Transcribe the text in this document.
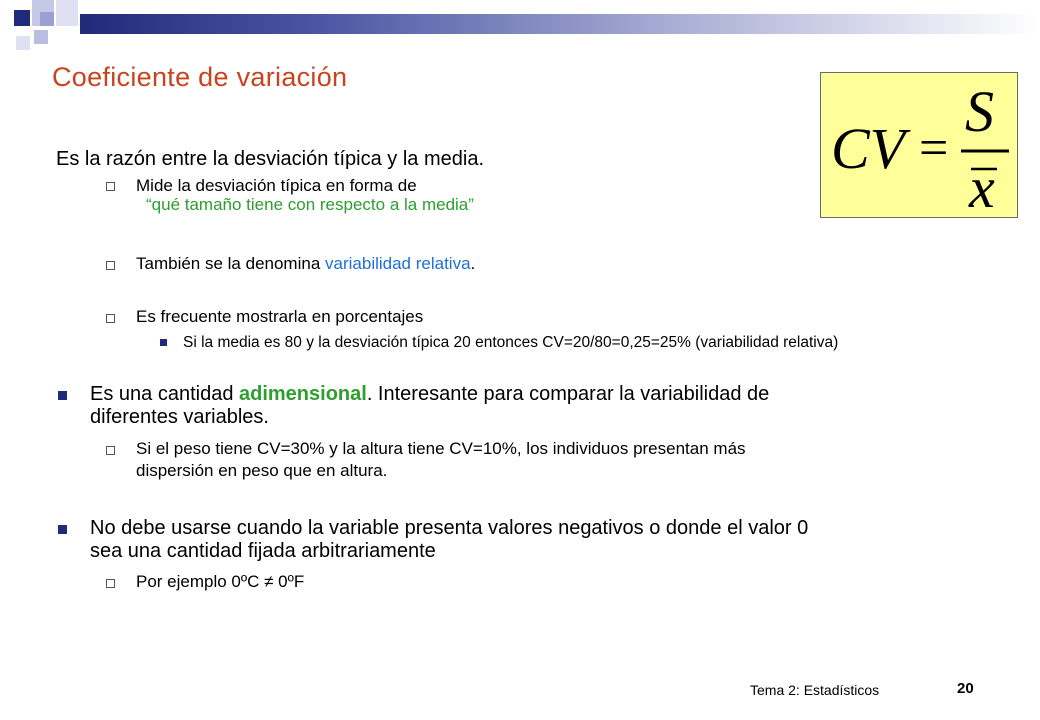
Coeficiente de variación
CV =
S
x
Es la razón entre la desviación típica y la media.
Mide la desviación típica en forma de
“qué tamaño tiene con respecto a la media”
También se la denomina variabilidad relativa.
Es frecuente mostrarla en porcentajes
Si la media es 80 y la desviación típica 20 entonces CV=20/80=0,25=25% (variabilidad relativa)
Es una cantidad adimensional. Interesante para comparar la variabilidad de
diferentes variables.
Si el peso tiene CV=30% y la altura tiene CV=10%, los individuos presentan más
dispersión en peso que en altura.
No debe usarse cuando la variable presenta valores negativos o donde el valor 0
sea una cantidad fijada arbitrariamente
Por ejemplo 0ºC ≠ 0ºF
Tema 2: Estadísticos	20
